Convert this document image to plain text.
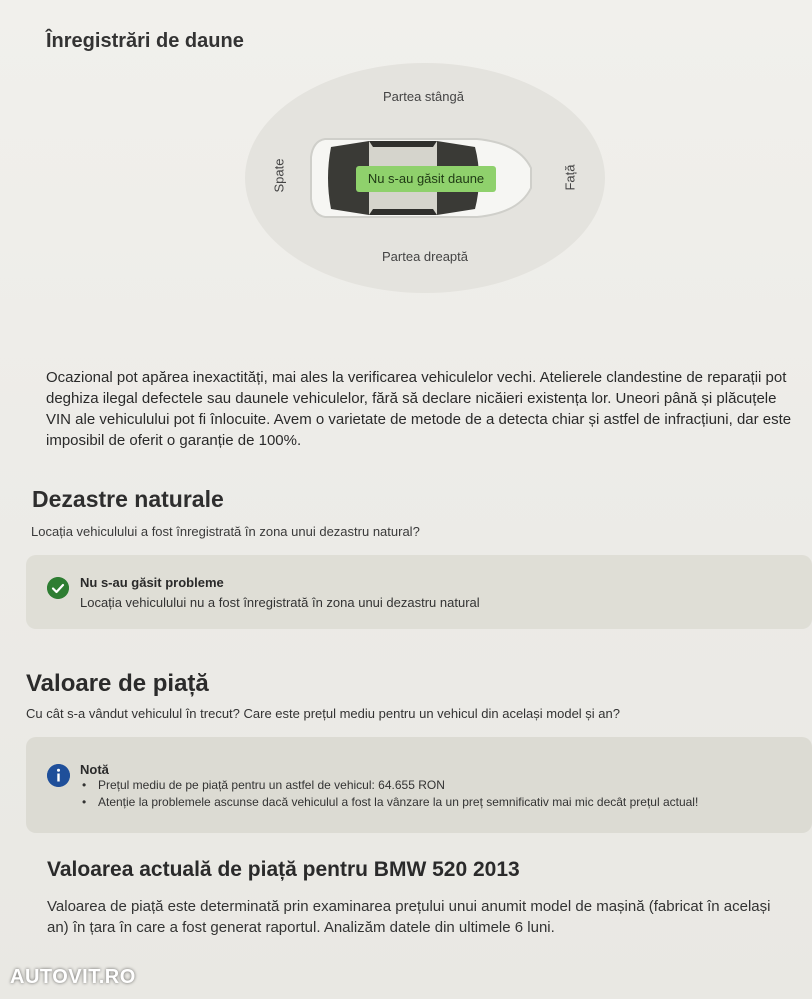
Înregistrări de daune
Partea stângă
Partea dreaptă
Spate	Față
Nu s-au găsit daune

Ocazional pot apărea inexactități, mai ales la verificarea vehiculelor vechi. Atelierele clandestine de reparații pot deghiza ilegal defectele sau daunele vehiculelor, fără să declare nicăieri existența lor. Uneori până și plăcuțele VIN ale vehiculului pot fi înlocuite. Avem o varietate de metode de a detecta chiar și astfel de infracțiuni, dar este imposibil de oferit o garanție de 100%.

Dezastre naturale
Locația vehiculului a fost înregistrată în zona unui dezastru natural?
Nu s-au găsit probleme
Locația vehiculului nu a fost înregistrată în zona unui dezastru natural
Valoare de piață
Cu cât s-a vândut vehiculul în trecut? Care este prețul mediu pentru un vehicul din același model și an?
Notă
• Prețul mediu de pe piață pentru un astfel de vehicul: 64.655 RON
• Atenție la problemele ascunse dacă vehiculul a fost la vânzare la un preț semnificativ mai mic decât prețul actual!
Valoarea actuală de piață pentru BMW 520 2013

Valoarea de piață este determinată prin examinarea prețului unui anumit model de mașină (fabricat în același an) în țara în care a fost generat raportul. Analizăm datele din ultimele 6 luni.

AUTOVIT.RO
